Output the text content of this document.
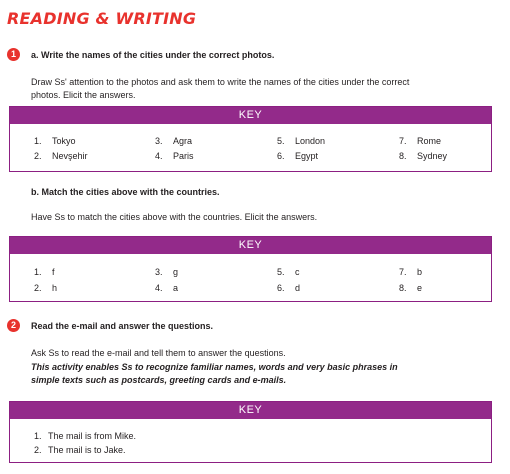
READING & WRITING
1	a. Write the names of the cities under the correct photos.

Draw Ss' attention to the photos and ask them to write the names of the cities under the correct

photos. Elicit the answers.

KEY
1. Tokyo
2. Nevşehir
3. Agra
4. Paris
5. London
6. Egypt
7. Rome
8. Sydney

b. Match the cities above with the countries.

Have Ss to match the cities above with the countries. Elicit the answers.

KEY
1. f
2. h
3. g
4. a
5. c
6. d
7. b
8. e
2	Read the e-mail and answer the questions.

Ask Ss to read the e-mail and tell them to answer the questions.

This activity enables Ss to recognize familiar names, words and very basic phrases in

simple texts such as postcards, greeting cards and e-mails.

KEY
1. The mail is from Mike.
2. The mail is to Jake.
